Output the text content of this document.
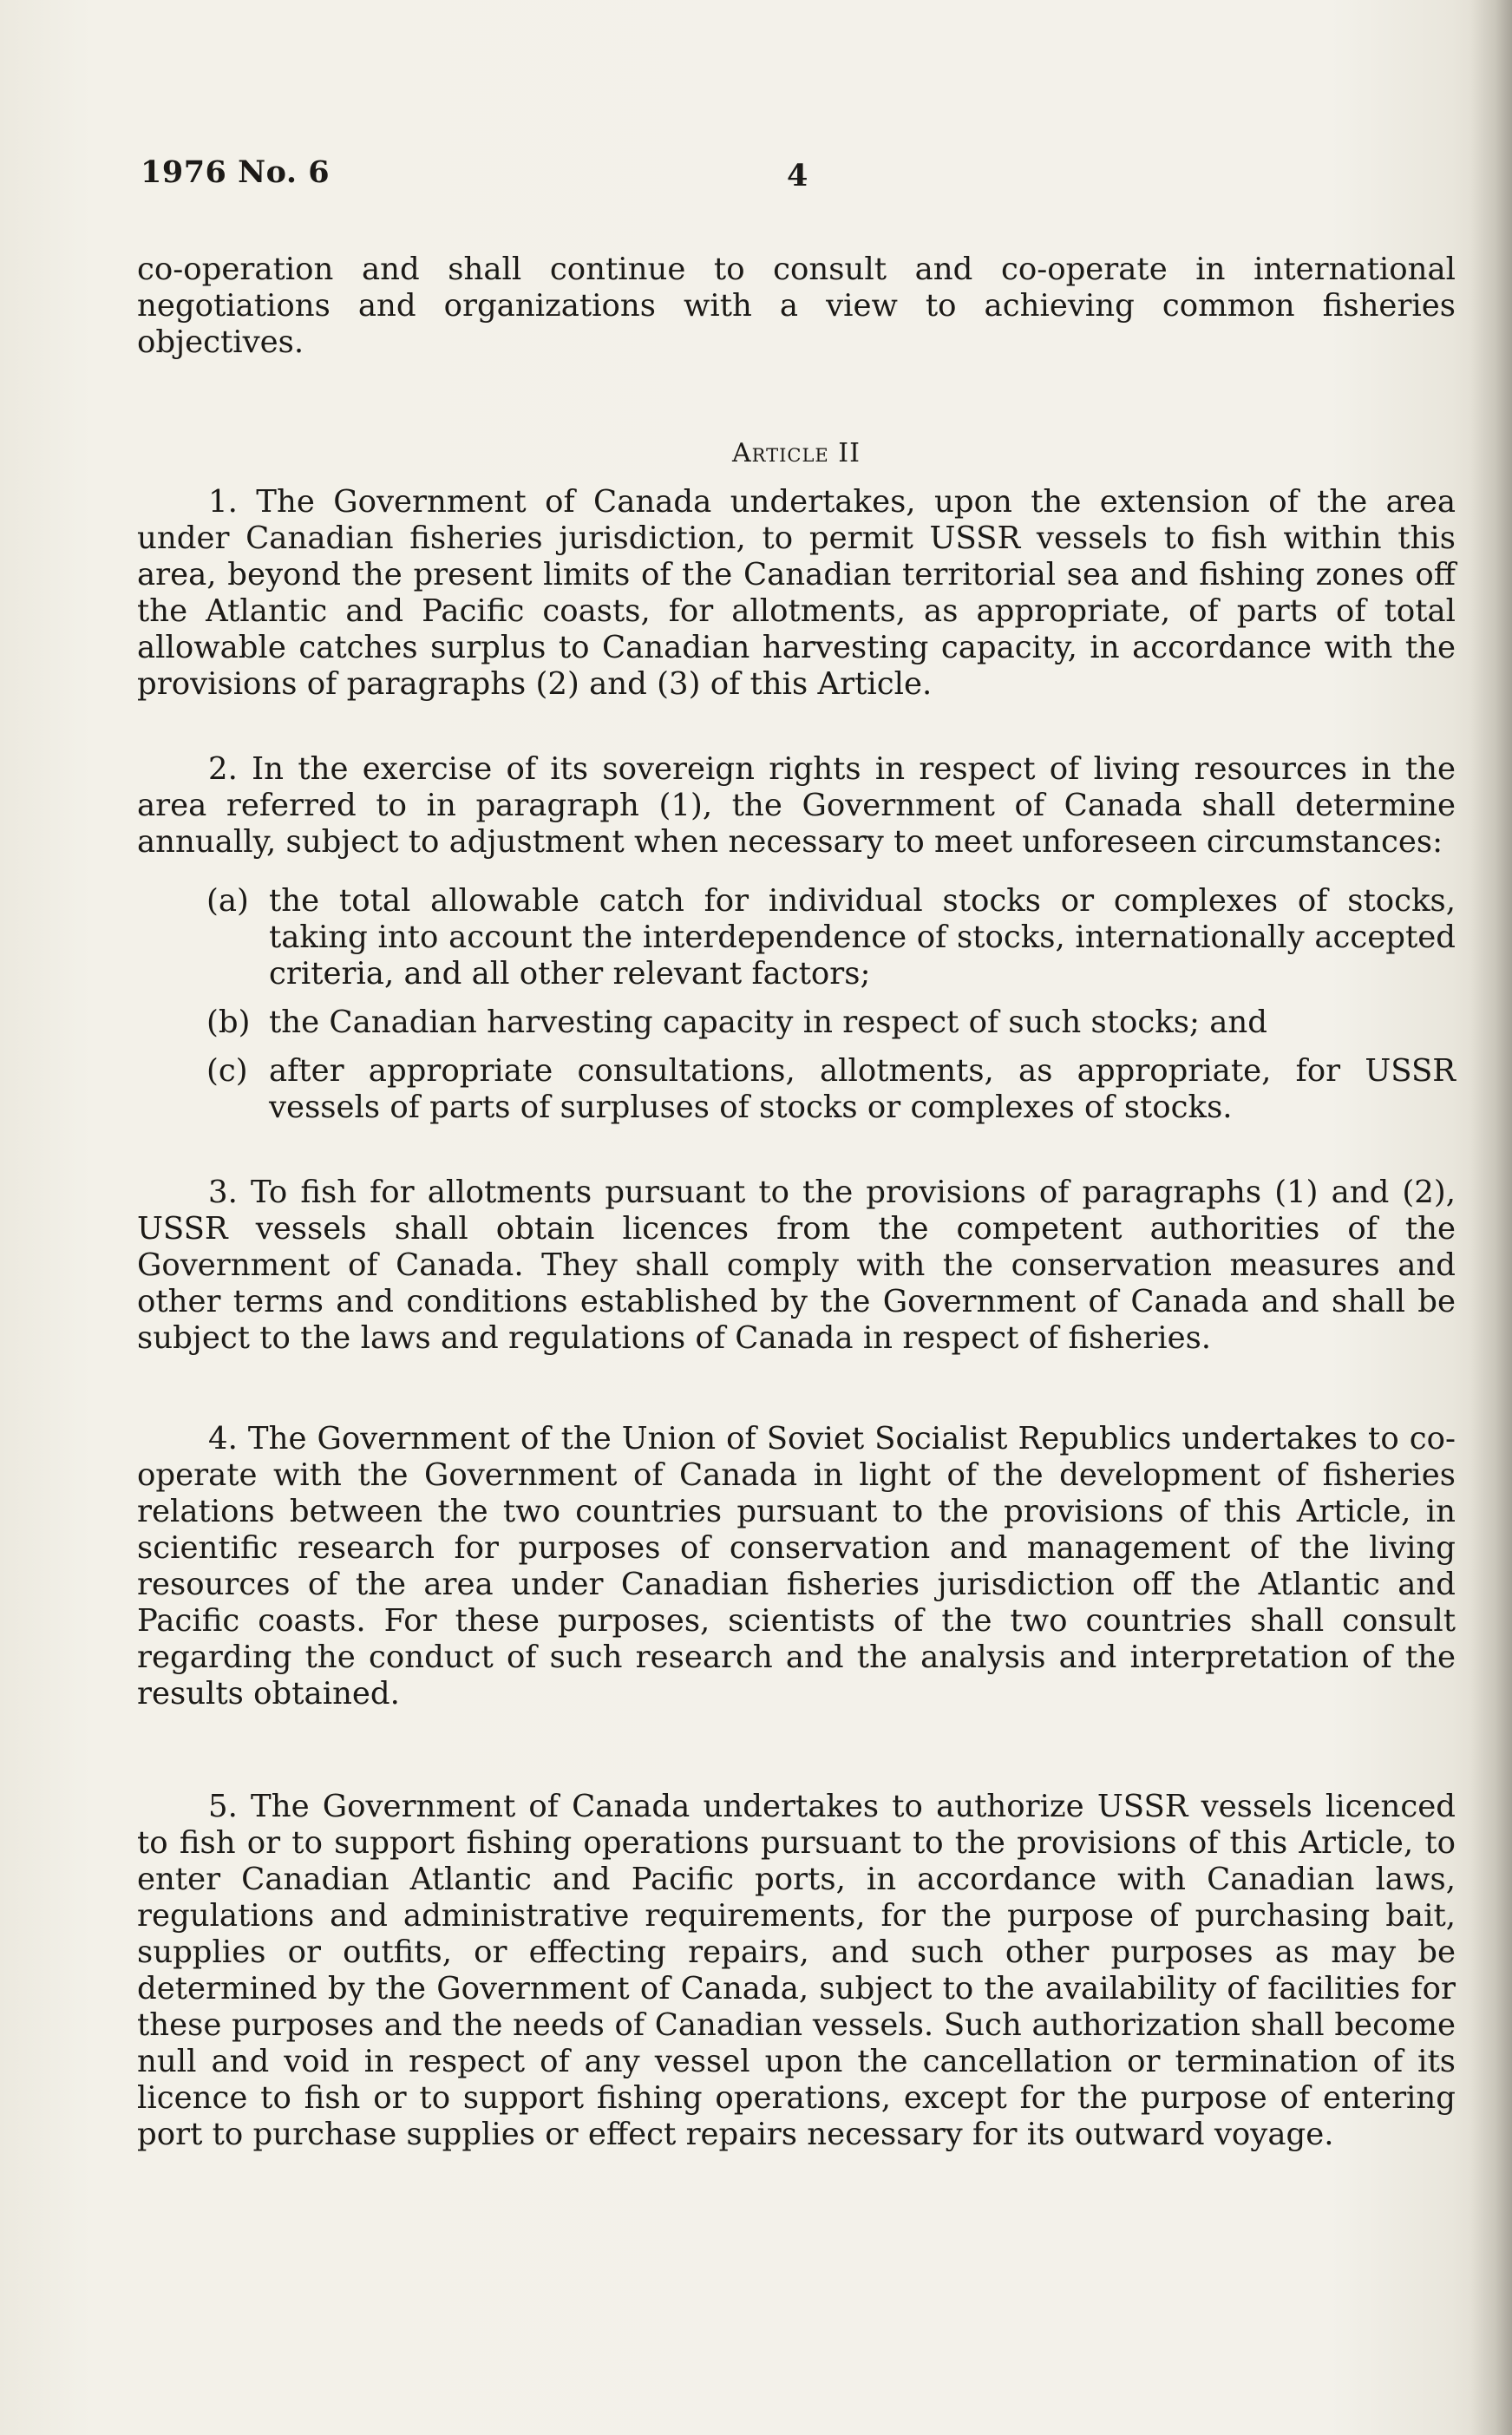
1976 No. 6	4

co-operation and shall continue to consult and co-operate in international negotiations and organizations with a view to achieving common fisheries objectives.

Article II

1. The Government of Canada undertakes, upon the extension of the area under Canadian fisheries jurisdiction, to permit USSR vessels to fish within this area, beyond the present limits of the Canadian territorial sea and fishing zones off the Atlantic and Pacific coasts, for allotments, as appropriate, of parts of total allowable catches surplus to Canadian harvesting capacity, in accordance with the provisions of paragraphs (2) and (3) of this Article.

2. In the exercise of its sovereign rights in respect of living resources in the area referred to in paragraph (1), the Government of Canada shall determine annually, subject to adjustment when necessary to meet unforeseen circumstances:

(a) the total allowable catch for individual stocks or complexes of stocks, taking into account the interdependence of stocks, internationally accepted criteria, and all other relevant factors;
(b) the Canadian harvesting capacity in respect of such stocks; and
(c) after appropriate consultations, allotments, as appropriate, for USSR vessels of parts of surpluses of stocks or complexes of stocks.

3. To fish for allotments pursuant to the provisions of paragraphs (1) and (2), USSR vessels shall obtain licences from the competent authorities of the Government of Canada. They shall comply with the conservation measures and other terms and conditions established by the Government of Canada and shall be subject to the laws and regulations of Canada in respect of fisheries.

4. The Government of the Union of Soviet Socialist Republics undertakes to co-operate with the Government of Canada in light of the development of fisheries relations between the two countries pursuant to the provisions of this Article, in scientific research for purposes of conservation and management of the living resources of the area under Canadian fisheries jurisdiction off the Atlantic and Pacific coasts. For these purposes, scientists of the two countries shall consult regarding the conduct of such research and the analysis and interpretation of the results obtained.

5. The Government of Canada undertakes to authorize USSR vessels licenced to fish or to support fishing operations pursuant to the provisions of this Article, to enter Canadian Atlantic and Pacific ports, in accordance with Canadian laws, regulations and administrative requirements, for the purpose of purchasing bait, supplies or outfits, or effecting repairs, and such other purposes as may be determined by the Government of Canada, subject to the availability of facilities for these purposes and the needs of Canadian vessels. Such authorization shall become null and void in respect of any vessel upon the cancellation or termination of its licence to fish or to support fishing operations, except for the purpose of entering port to purchase supplies or effect repairs necessary for its outward voyage.
